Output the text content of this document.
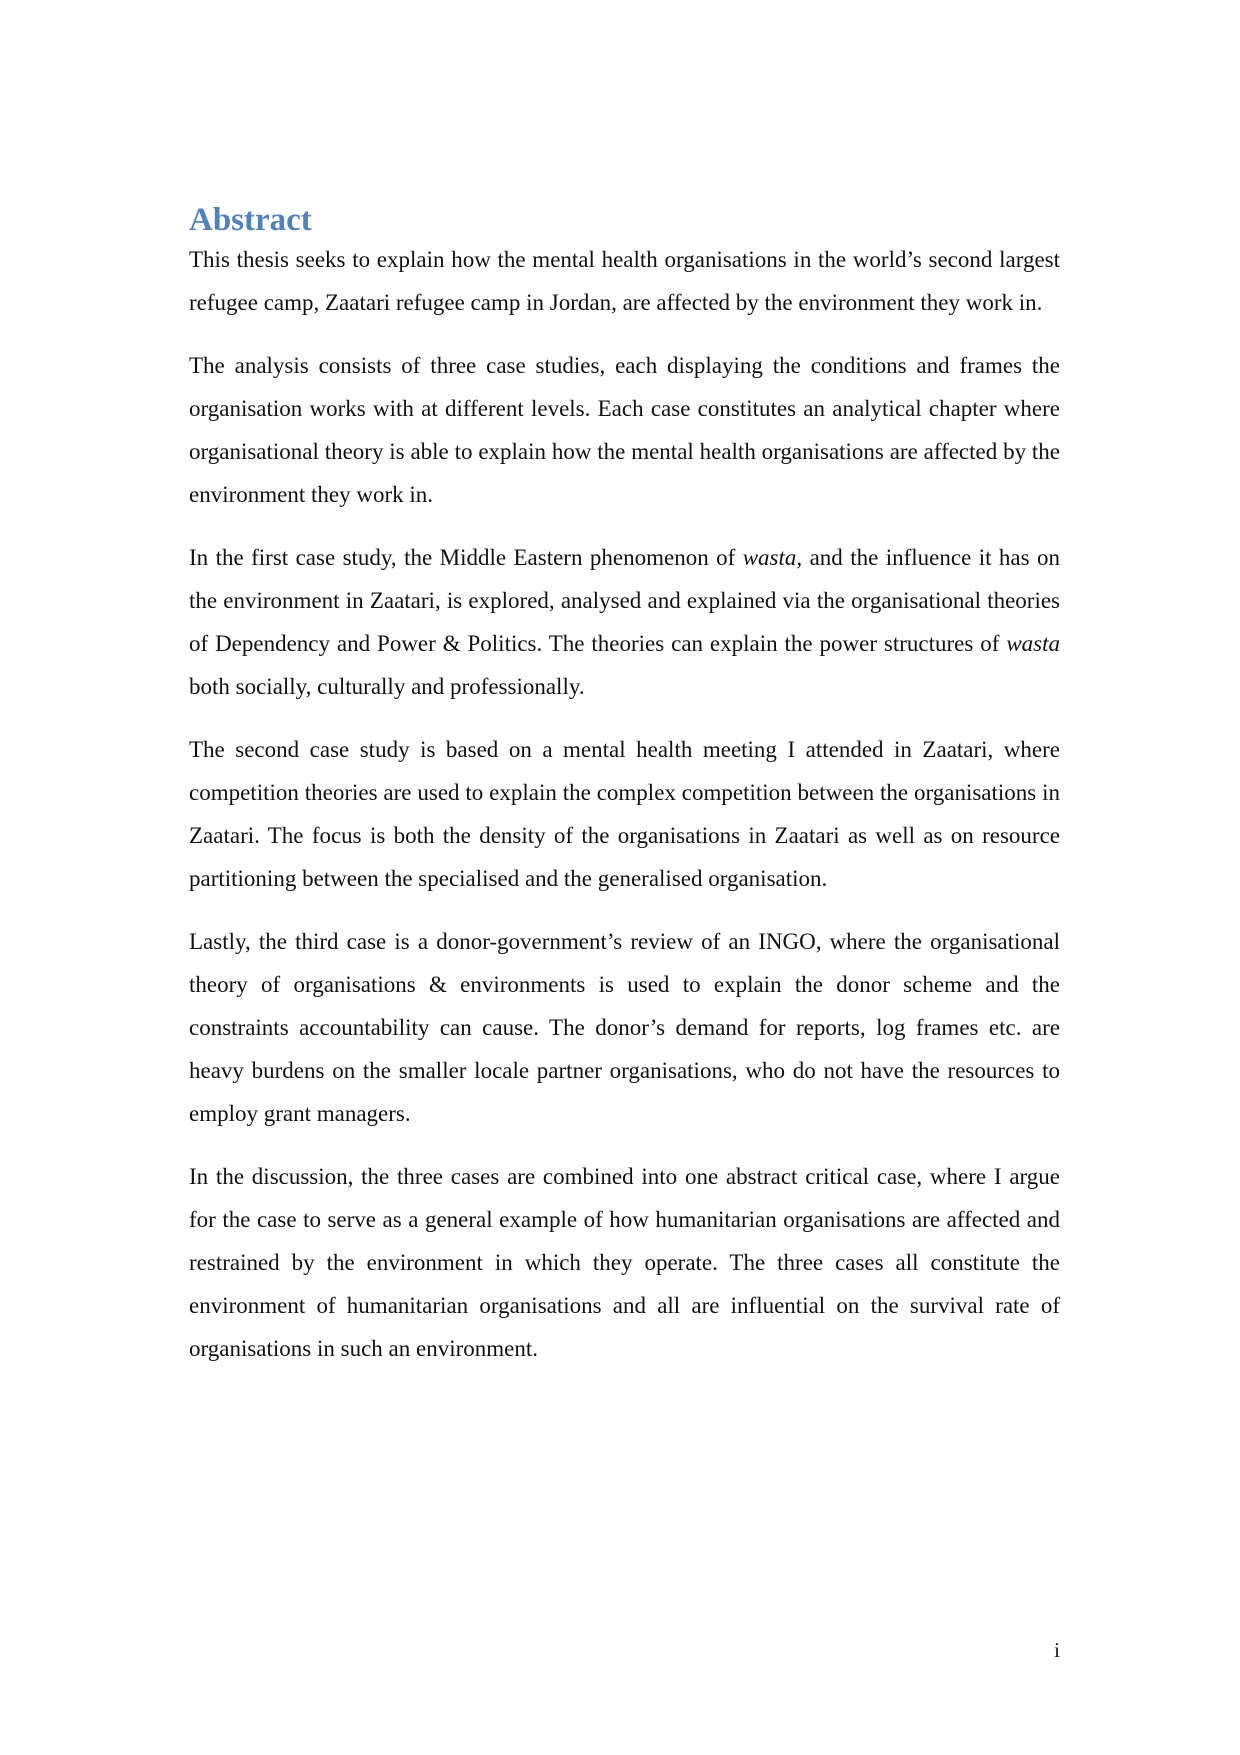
Abstract

This thesis seeks to explain how the mental health organisations in the world’s second largest refugee camp, Zaatari refugee camp in Jordan, are affected by the environment they work in.

The analysis consists of three case studies, each displaying the conditions and frames the organisation works with at different levels. Each case constitutes an analytical chapter where organisational theory is able to explain how the mental health organisations are affected by the environment they work in.

In the first case study, the Middle Eastern phenomenon of wasta, and the influence it has on the environment in Zaatari, is explored, analysed and explained via the organisational theories of Dependency and Power & Politics. The theories can explain the power structures of wasta both socially, culturally and professionally.

The second case study is based on a mental health meeting I attended in Zaatari, where competition theories are used to explain the complex competition between the organisations in Zaatari. The focus is both the density of the organisations in Zaatari as well as on resource partitioning between the specialised and the generalised organisation.

Lastly, the third case is a donor-government’s review of an INGO, where the organisational theory of organisations & environments is used to explain the donor scheme and the constraints accountability can cause. The donor’s demand for reports, log frames etc. are heavy burdens on the smaller locale partner organisations, who do not have the resources to employ grant managers.

In the discussion, the three cases are combined into one abstract critical case, where I argue for the case to serve as a general example of how humanitarian organisations are affected and restrained by the environment in which they operate. The three cases all constitute the environment of humanitarian organisations and all are influential on the survival rate of organisations in such an environment.

i
